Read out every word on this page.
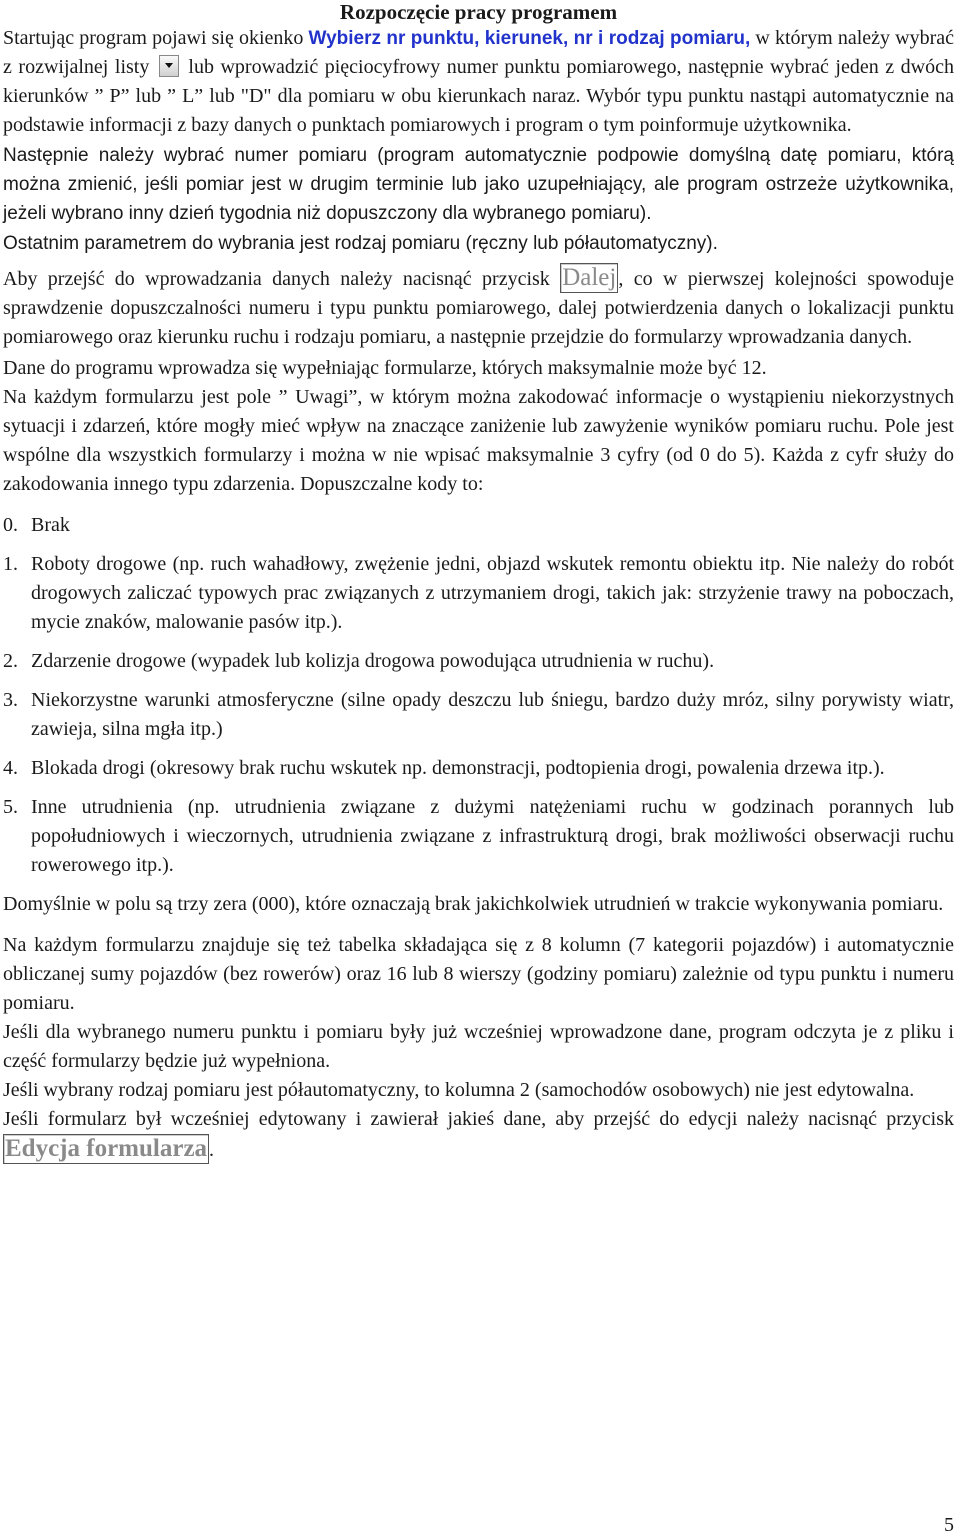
Rozpoczęcie pracy programem

Startując program pojawi się okienko Wybierz nr punktu, kierunek, nr i rodzaj pomiaru, w którym należy wybrać z rozwijalnej listy  lub wprowadzić pięciocyfrowy numer punktu pomiarowego, następnie wybrać jeden z dwóch kierunków ” P” lub ” L” lub "D" dla pomiaru w obu kierunkach naraz. Wybór typu punktu nastąpi automatycznie na podstawie informacji z bazy danych o punktach pomiarowych i program o tym poinformuje użytkownika.

Następnie należy wybrać numer pomiaru (program automatycznie podpowie domyślną datę pomiaru, którą można zmienić, jeśli pomiar jest w drugim terminie lub jako uzupełniający, ale program ostrzeże użytkownika, jeżeli wybrano inny dzień tygodnia niż dopuszczony dla wybranego pomiaru).

Ostatnim parametrem do wybrania jest rodzaj pomiaru (ręczny lub półautomatyczny).

Aby przejść do wprowadzania danych należy nacisnąć przycisk Dalej , co w pierwszej kolejności spowoduje sprawdzenie dopuszczalności numeru i typu punktu pomiarowego, dalej potwierdzenia danych o lokalizacji punktu pomiarowego oraz kierunku ruchu i rodzaju pomiaru, a następnie przejdzie do formularzy wprowadzania danych.

Dane do programu wprowadza się wypełniając formularze, których maksymalnie może być 12.

Na każdym formularzu jest pole ” Uwagi”, w którym można zakodować informacje o wystąpieniu niekorzystnych sytuacji i zdarzeń, które mogły mieć wpływ na znaczące zaniżenie lub zawyżenie wyników pomiaru ruchu. Pole jest wspólne dla wszystkich formularzy i można w nie wpisać maksymalnie 3 cyfry (od 0 do 5). Każda z cyfr służy do zakodowania innego typu zdarzenia. Dopuszczalne kody to:

0. Brak
1. Roboty drogowe (np. ruch wahadłowy, zwężenie jedni, objazd wskutek remontu obiektu itp. Nie należy do robót drogowych zaliczać typowych prac związanych z utrzymaniem drogi, takich jak: strzyżenie trawy na poboczach, mycie znaków, malowanie pasów itp.).
2. Zdarzenie drogowe (wypadek lub kolizja drogowa powodująca utrudnienia w ruchu).
3. Niekorzystne warunki atmosferyczne (silne opady deszczu lub śniegu, bardzo duży mróz, silny porywisty wiatr, zawieja, silna mgła itp.)
4. Blokada drogi (okresowy brak ruchu wskutek np. demonstracji, podtopienia drogi, powalenia drzewa itp.).
5. Inne utrudnienia (np. utrudnienia związane z dużymi natężeniami ruchu w godzinach porannych lub popołudniowych i wieczornych, utrudnienia związane z infrastrukturą drogi, brak możliwości obserwacji ruchu rowerowego itp.).

Domyślnie w polu są trzy zera (000), które oznaczają brak jakichkolwiek utrudnień w trakcie wykonywania pomiaru.

Na każdym formularzu znajduje się też tabelka składająca się z 8 kolumn (7 kategorii pojazdów) i automatycznie obliczanej sumy pojazdów (bez rowerów) oraz 16 lub 8 wierszy (godziny pomiaru) zależnie od typu punktu i numeru pomiaru.

Jeśli dla wybranego numeru punktu i pomiaru były już wcześniej wprowadzone dane, program odczyta je z pliku i część formularzy będzie już wypełniona.

Jeśli wybrany rodzaj pomiaru jest półautomatyczny, to kolumna 2 (samochodów osobowych) nie jest edytowalna.

Jeśli formularz był wcześniej edytowany i zawierał jakieś dane, aby przejść do edycji należy nacisnąć przycisk Edycja formularza .

5
